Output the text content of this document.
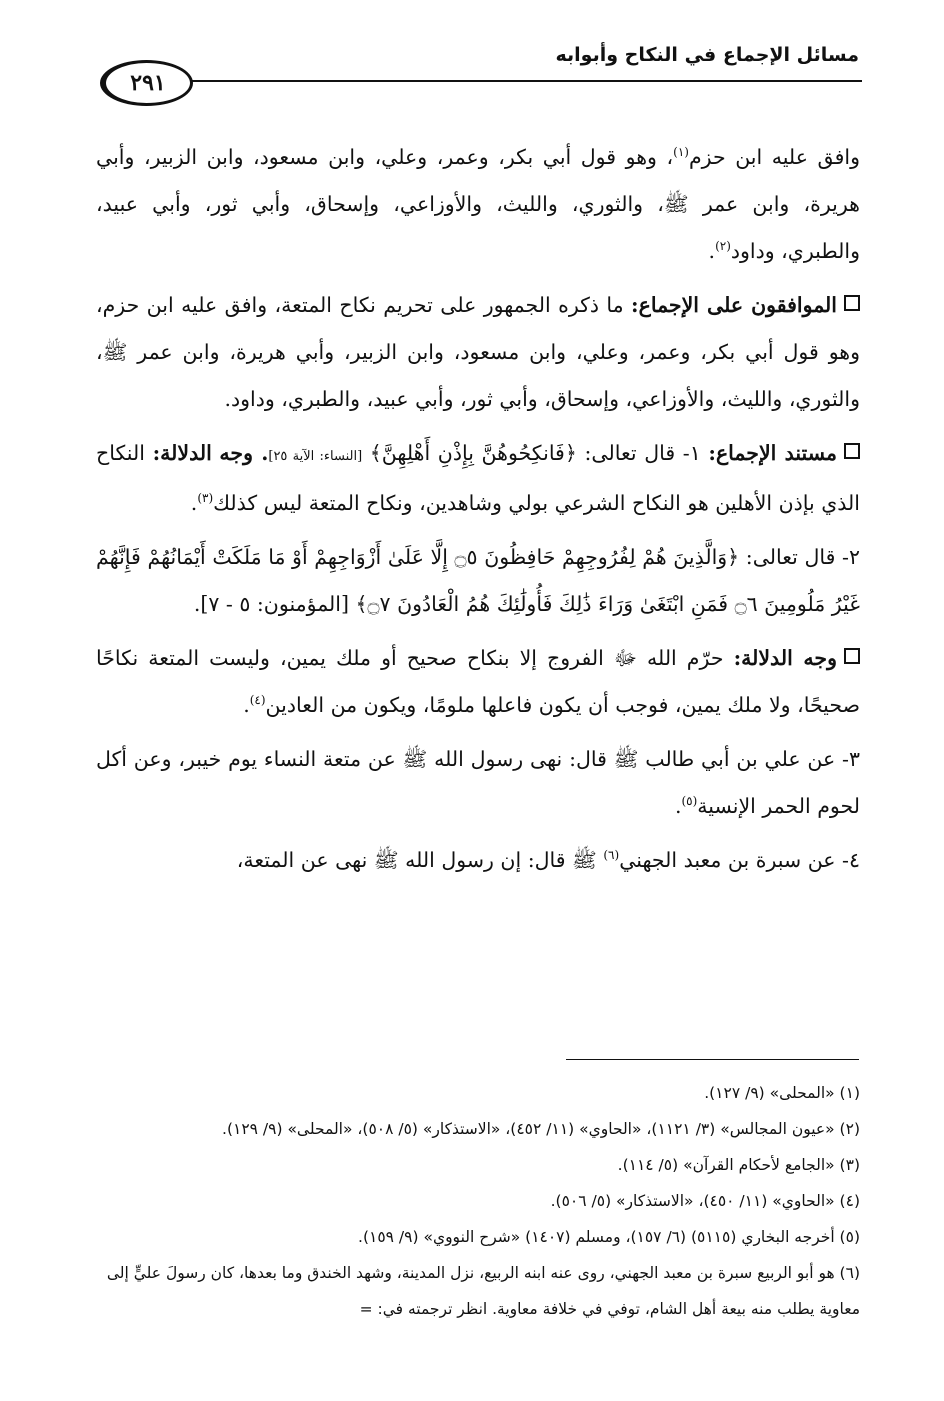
مسائل الإجماع في النكاح وأبوابه
٢٩١

وافق عليه ابن حزم$^{(١)}$، وهو قول أبي بكر، وعمر، وعلي، وابن مسعود، وابن الزبير، وأبي هريرة، وابن عمر ﷺ، والثوري، والليث، والأوزاعي، وإسحاق، وأبي ثور، وأبي عبيد، والطبري، وداود$^{(٢)}$.

الموافقون على الإجماع: ما ذكره الجمهور على تحريم نكاح المتعة، وافق عليه ابن حزم، وهو قول أبي بكر، وعمر، وعلي، وابن مسعود، وابن الزبير، وأبي هريرة، وابن عمر ﷺ، والثوري، والليث، والأوزاعي، وإسحاق، وأبي ثور، وأبي عبيد، والطبري، وداود.

مستند الإجماع: ١- قال تعالى: ﴿فَانكِحُوهُنَّ بِإِذْنِ أَهْلِهِنَّ﴾ [النساء: الآية ٢٥]. وجه الدلالة: النكاح الذي بإذن الأهلين هو النكاح الشرعي بولي وشاهدين، ونكاح المتعة ليس كذلك$^{(٣)}$.

٢- قال تعالى: ﴿وَالَّذِينَ هُمْ لِفُرُوجِهِمْ حَافِظُونَ ۝٥ إِلَّا عَلَىٰ أَزْوَاجِهِمْ أَوْ مَا مَلَكَتْ أَيْمَانُهُمْ فَإِنَّهُمْ غَيْرُ مَلُومِينَ ۝٦ فَمَنِ ابْتَغَىٰ وَرَاءَ ذَٰلِكَ فَأُولَٰئِكَ هُمُ الْعَادُونَ ۝٧﴾ [المؤمنون: ٥ - ٧].

وجه الدلالة: حرّم الله ﷻ الفروج إلا بنكاح صحيح أو ملك يمين، وليست المتعة نكاحًا صحيحًا، ولا ملك يمين، فوجب أن يكون فاعلها ملومًا، ويكون من العادين$^{(٤)}$.

٣- عن علي بن أبي طالب ﷺ قال: نهى رسول الله ﷺ عن متعة النساء يوم خيبر، وعن أكل لحوم الحمر الإنسية$^{(٥)}$.

٤- عن سبرة بن معبد الجهني$^{(٦)}$ ﷺ قال: إن رسول الله ﷺ نهى عن المتعة،

(١) «المحلى» (٩/ ١٢٧).
(٢) «عيون المجالس» (٣/ ١١٢١)، «الحاوي» (١١/ ٤٥٢)، «الاستذكار» (٥/ ٥٠٨)، «المحلى» (٩/ ١٢٩).
(٣) «الجامع لأحكام القرآن» (٥/ ١١٤).
(٤) «الحاوي» (١١/ ٤٥٠)، «الاستذكار» (٥/ ٥٠٦).
(٥) أخرجه البخاري (٥١١٥) (٦/ ١٥٧)، ومسلم (١٤٠٧) «شرح النووي» (٩/ ١٥٩).
(٦) هو أبو الربيع سبرة بن معبد الجهني، روى عنه ابنه الربيع، نزل المدينة، وشهد الخندق وما بعدها، كان رسولَ عليٍّ إلى معاوية يطلب منه بيعة أهل الشام، توفي في خلافة معاوية. انظر ترجمته في: =
